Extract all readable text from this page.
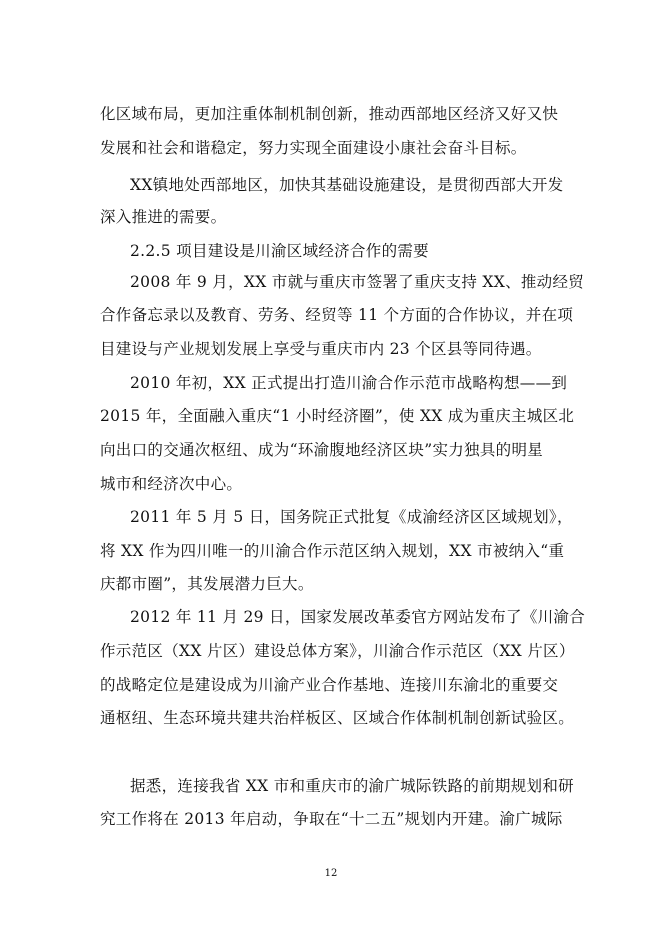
化区域布局，更加注重体制机制创新，推动西部地区经济又好又快
发展和社会和谐稳定，努力实现全面建设小康社会奋斗目标。
XX镇地处西部地区，加快其基础设施建设，是贯彻西部大开发
深入推进的需要。
2.2.5 项目建设是川渝区域经济合作的需要
2008 年 9 月，XX 市就与重庆市签署了重庆支持 XX、推动经贸
合作备忘录以及教育、劳务、经贸等 11 个方面的合作协议，并在项
目建设与产业规划发展上享受与重庆市内 23 个区县等同待遇。
2010 年初，XX 正式提出打造川渝合作示范市战略构想——到
2015 年，全面融入重庆“1 小时经济圈”，使 XX 成为重庆主城区北
向出口的交通次枢纽、成为“环渝腹地经济区块”实力独具的明星
城市和经济次中心。
2011 年 5 月 5 日，国务院正式批复《成渝经济区区域规划》，
将 XX 作为四川唯一的川渝合作示范区纳入规划，XX 市被纳入“重
庆都市圈”，其发展潜力巨大。
2012 年 11 月 29 日，国家发展改革委官方网站发布了《川渝合
作示范区（XX 片区）建设总体方案》，川渝合作示范区（XX 片区）
的战略定位是建设成为川渝产业合作基地、连接川东渝北的重要交
通枢纽、生态环境共建共治样板区、区域合作体制机制创新试验区。
据悉，连接我省 XX 市和重庆市的渝广城际铁路的前期规划和研
究工作将在 2013 年启动，争取在“十二五”规划内开建。渝广城际
12
